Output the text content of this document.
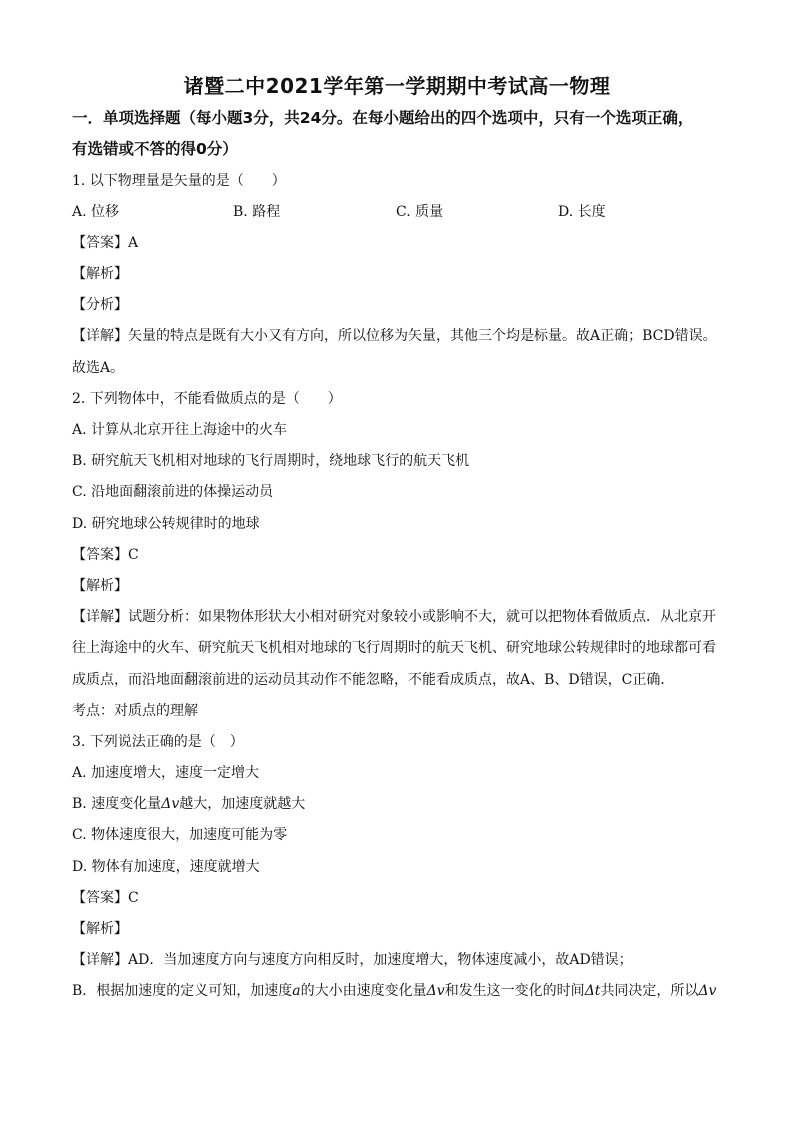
诸暨二中2021学年第一学期期中考试高一物理
一．单项选择题（每小题3分，共24分。在每小题给出的四个选项中，只有一个选项正确，
有选错或不答的得0分）
1. 以下物理量是矢量的是（　　）
A. 位移	B. 路程	C. 质量	D. 长度
【答案】A
【解析】
【分析】
【详解】矢量的特点是既有大小又有方向，所以位移为矢量，其他三个均是标量。故A正确；BCD错误。
故选A。
2. 下列物体中，不能看做质点的是（　　）
A. 计算从北京开往上海途中的火车
B. 研究航天飞机相对地球的飞行周期时，绕地球飞行的航天飞机
C. 沿地面翻滚前进的体操运动员
D. 研究地球公转规律时的地球
【答案】C
【解析】
【详解】试题分析：如果物体形状大小相对研究对象较小或影响不大，就可以把物体看做质点．从北京开
往上海途中的火车、研究航天飞机相对地球的飞行周期时的航天飞机、研究地球公转规律时的地球都可看
成质点，而沿地面翻滚前进的运动员其动作不能忽略，不能看成质点，故A、B、D错误，C正确．
考点：对质点的理解
3. 下列说法正确的是（　）
A. 加速度增大，速度一定增大
B. 速度变化量Δv越大，加速度就越大
C. 物体速度很大，加速度可能为零
D. 物体有加速度，速度就增大
【答案】C
【解析】
【详解】AD．当加速度方向与速度方向相反时，加速度增大，物体速度减小，故AD错误；
B．根据加速度的定义可知，加速度a的大小由速度变化量Δv和发生这一变化的时间Δt共同决定，所以Δv
